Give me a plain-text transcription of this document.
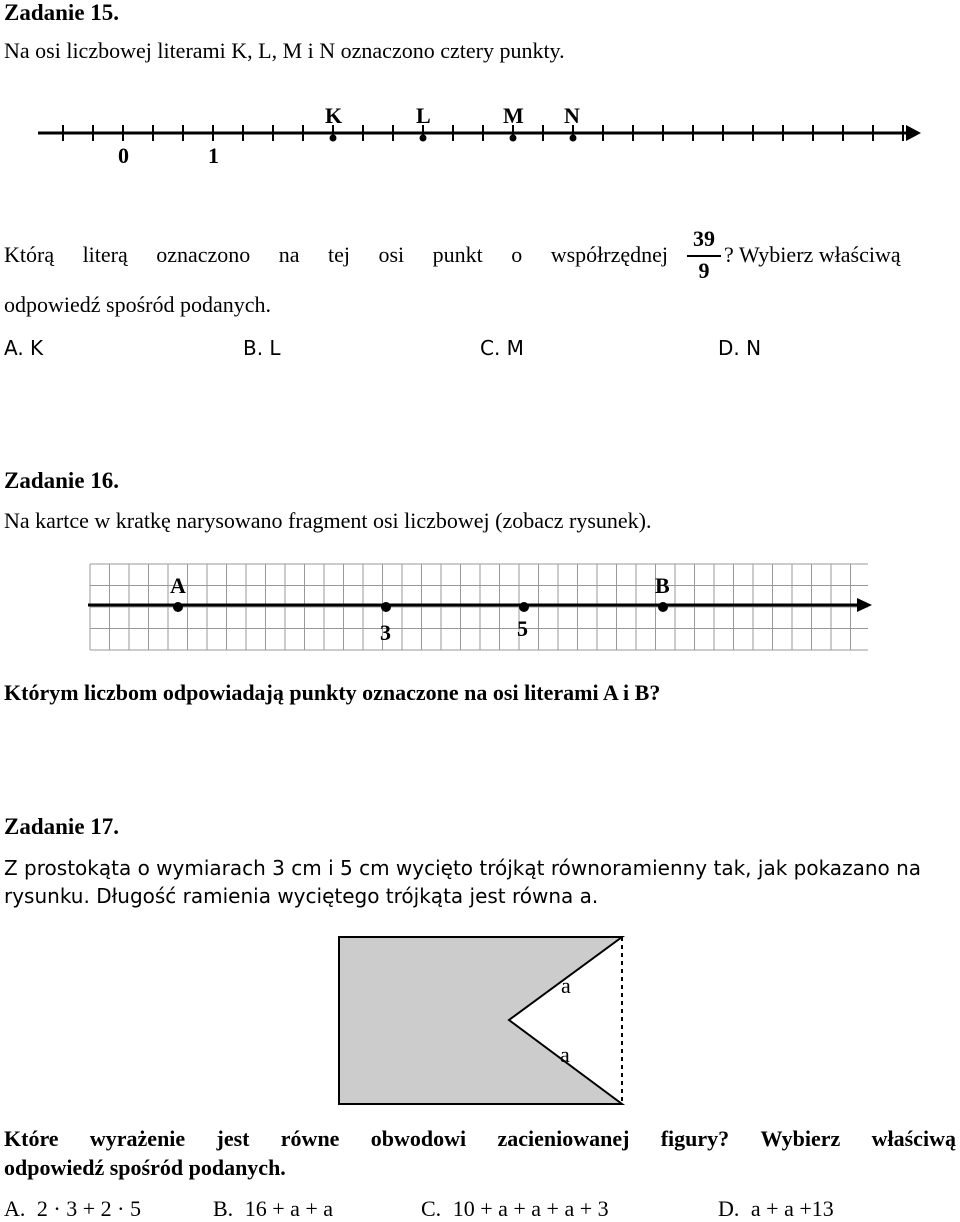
Zadanie 15.
Na osi liczbowej literami K, L, M i N oznaczono cztery punkty.
K	L	M N
0	1
Którą literą oznaczono na tej osi punkt o współrzędnej
39
9
? Wybierz właściwą
odpowiedź spośród podanych.
A. K	B. L	C. M	D. N
Zadanie 16.
Na kartce w kratkę narysowano fragment osi liczbowej (zobacz rysunek).
A	B
3	5
Którym liczbom odpowiadają punkty oznaczone na osi literami A i B?
Zadanie 17.
Z prostokąta o wymiarach 3 cm i 5 cm wycięto trójkąt równoramienny tak, jak pokazano na
rysunku. Długość ramienia wyciętego trójkąta jest równa a.
a
a
Które wyrażenie jest równe obwodowi zacieniowanej figury? Wybierz właściwą
odpowiedź spośród podanych.
A. 2 · 3 + 2 · 5	B. 16 + a + a	C. 10 + a + a + a + 3	D. a + a +13
